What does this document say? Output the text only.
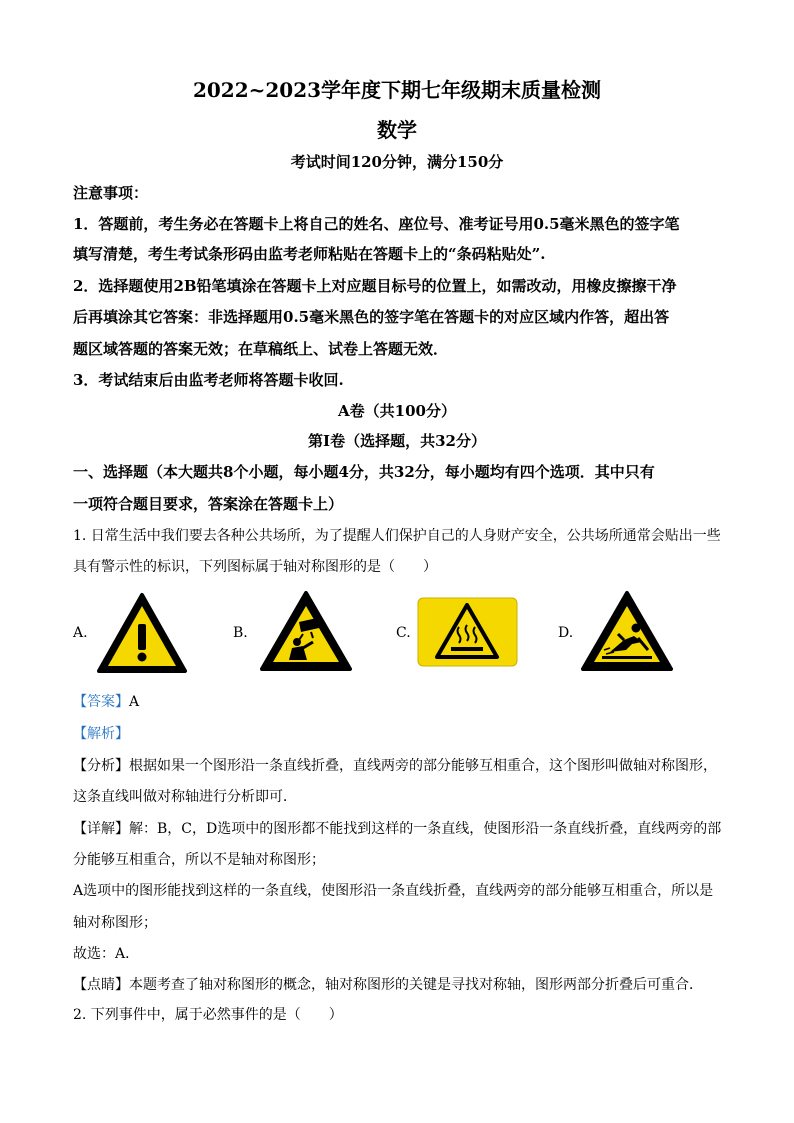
2022~2023学年度下期七年级期末质量检测
数学
考试时间120分钟，满分150分
注意事项：
1．答题前，考生务必在答题卡上将自己的姓名、座位号、准考证号用0.5毫米黑色的签字笔
填写清楚，考生考试条形码由监考老师粘贴在答题卡上的“条码粘贴处”.
2．选择题使用2B铅笔填涂在答题卡上对应题目标号的位置上，如需改动，用橡皮擦擦干净
后再填涂其它答案：非选择题用0.5毫米黑色的签字笔在答题卡的对应区域内作答，超出答
题区域答题的答案无效；在草稿纸上、试卷上答题无效．
3．考试结束后由监考老师将答题卡收回.
A卷（共100分）
第Ⅰ卷（选择题，共32分）
一、选择题（本大题共8个小题，每小题4分，共32分，每小题均有四个选项．其中只有
一项符合题目要求，答案涂在答题卡上）
1. 日常生活中我们要去各种公共场所，为了提醒人们保护自己的人身财产安全，公共场所通常会贴出一些
具有警示性的标识，下列图标属于轴对称图形的是（　　）
A.	B.	C.	D.
【答案】A
【解析】
【分析】根据如果一个图形沿一条直线折叠，直线两旁的部分能够互相重合，这个图形叫做轴对称图形，
这条直线叫做对称轴进行分析即可．
【详解】解：B，C，D选项中的图形都不能找到这样的一条直线，使图形沿一条直线折叠，直线两旁的部
分能够互相重合，所以不是轴对称图形；
A选项中的图形能找到这样的一条直线，使图形沿一条直线折叠，直线两旁的部分能够互相重合，所以是
轴对称图形；
故选：A．
【点睛】本题考查了轴对称图形的概念，轴对称图形的关键是寻找对称轴，图形两部分折叠后可重合．
2. 下列事件中，属于必然事件的是（　　）
